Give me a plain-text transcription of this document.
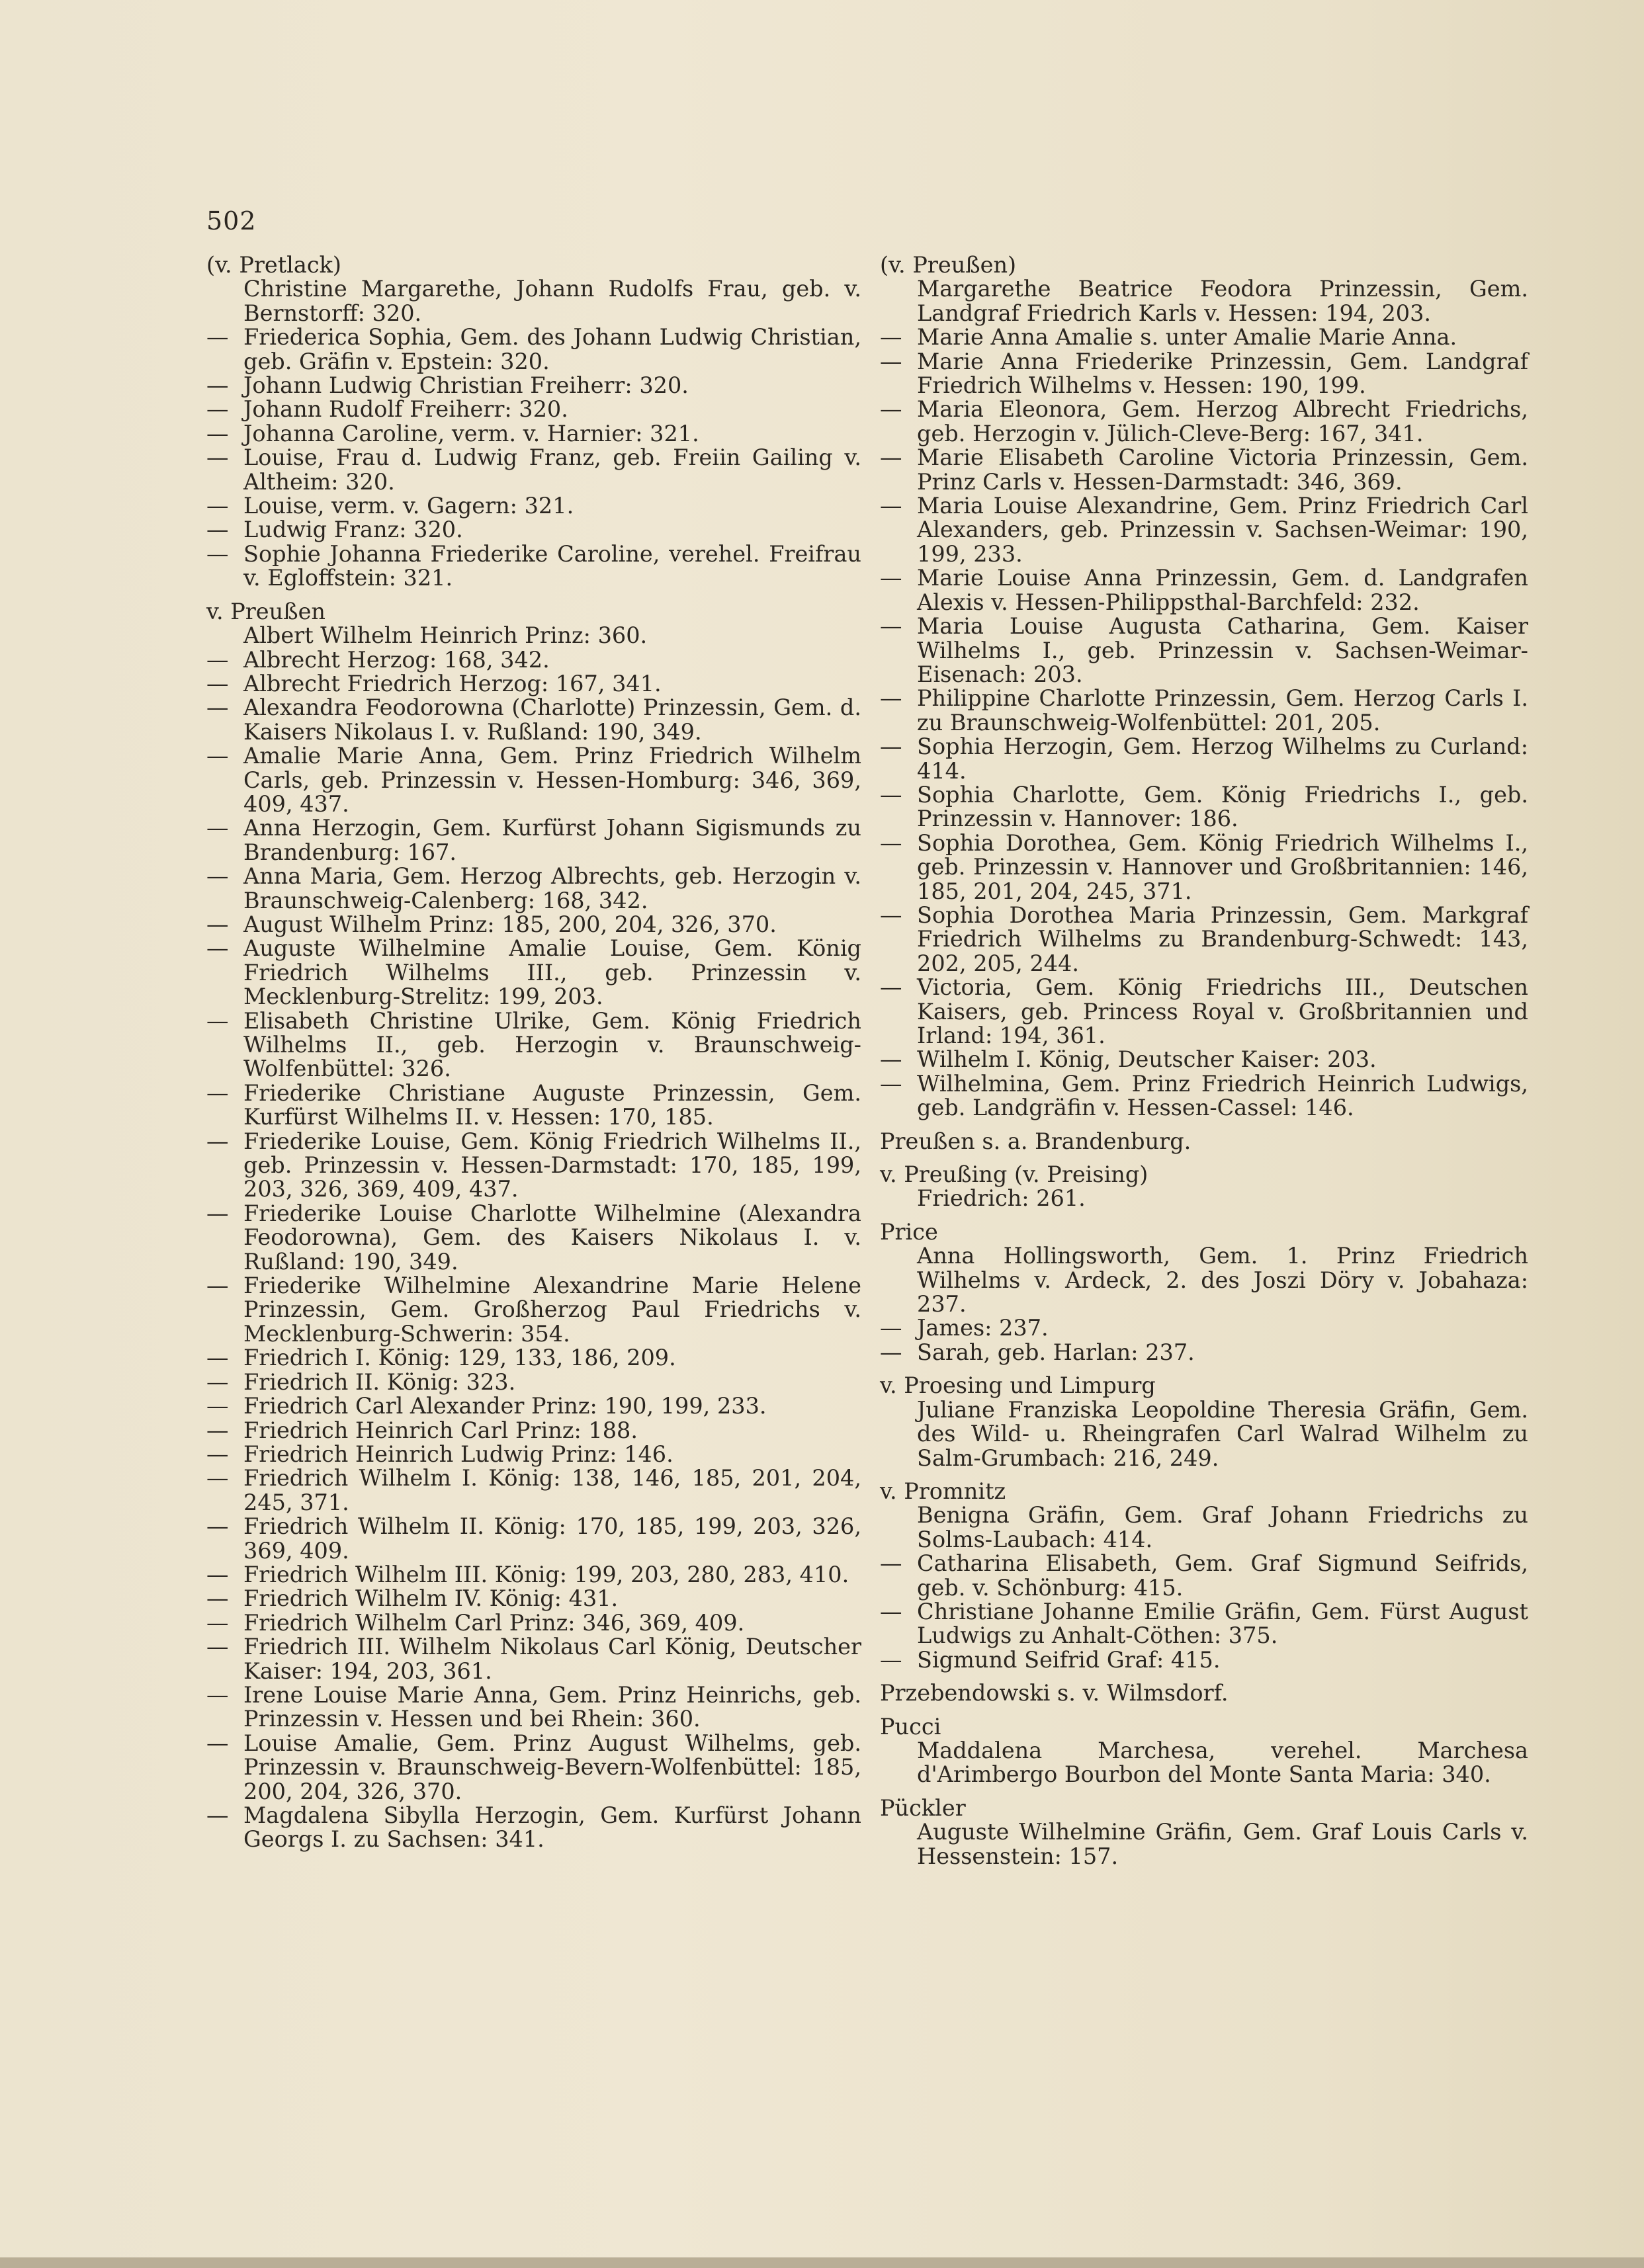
502
(v. Pretlack)
Christine Margarethe, Johann Rudolfs Frau, geb. v. Bernstorff: 320.
— Friederica Sophia, Gem. des Johann Ludwig Christian, geb. Gräfin v. Epstein: 320.
— Johann Ludwig Christian Freiherr: 320.
— Johann Rudolf Freiherr: 320.
— Johanna Caroline, verm. v. Harnier: 321.
— Louise, Frau d. Ludwig Franz, geb. Freiin Gailing v. Altheim: 320.
— Louise, verm. v. Gagern: 321.
— Ludwig Franz: 320.
— Sophie Johanna Friederike Caroline, verehel. Freifrau v. Egloffstein: 321.
v. Preußen
Albert Wilhelm Heinrich Prinz: 360.
— Albrecht Herzog: 168, 342.
— Albrecht Friedrich Herzog: 167, 341.
— Alexandra Feodorowna (Charlotte) Prinzessin, Gem. d. Kaisers Nikolaus I. v. Rußland: 190, 349.
— Amalie Marie Anna, Gem. Prinz Friedrich Wilhelm Carls, geb. Prinzessin v. Hessen-Homburg: 346, 369, 409, 437.
— Anna Herzogin, Gem. Kurfürst Johann Sigismunds zu Brandenburg: 167.
— Anna Maria, Gem. Herzog Albrechts, geb. Herzogin v. Braunschweig-Calenberg: 168, 342.
— August Wilhelm Prinz: 185, 200, 204, 326, 370.
— Auguste Wilhelmine Amalie Louise, Gem. König Friedrich Wilhelms III., geb. Prinzessin v. Mecklenburg-Strelitz: 199, 203.
— Elisabeth Christine Ulrike, Gem. König Friedrich Wilhelms II., geb. Herzogin v. Braunschweig-Wolfenbüttel: 326.
— Friederike Christiane Auguste Prinzessin, Gem. Kurfürst Wilhelms II. v. Hessen: 170, 185.
— Friederike Louise, Gem. König Friedrich Wilhelms II., geb. Prinzessin v. Hessen-Darmstadt: 170, 185, 199, 203, 326, 369, 409, 437.
— Friederike Louise Charlotte Wilhelmine (Alexandra Feodorowna), Gem. des Kaisers Nikolaus I. v. Rußland: 190, 349.
— Friederike Wilhelmine Alexandrine Marie Helene Prinzessin, Gem. Großherzog Paul Friedrichs v. Mecklenburg-Schwerin: 354.
— Friedrich I. König: 129, 133, 186, 209.
— Friedrich II. König: 323.
— Friedrich Carl Alexander Prinz: 190, 199, 233.
— Friedrich Heinrich Carl Prinz: 188.
— Friedrich Heinrich Ludwig Prinz: 146.
— Friedrich Wilhelm I. König: 138, 146, 185, 201, 204, 245, 371.
— Friedrich Wilhelm II. König: 170, 185, 199, 203, 326, 369, 409.
— Friedrich Wilhelm III. König: 199, 203, 280, 283, 410.
— Friedrich Wilhelm IV. König: 431.
— Friedrich Wilhelm Carl Prinz: 346, 369, 409.
— Friedrich III. Wilhelm Nikolaus Carl König, Deutscher Kaiser: 194, 203, 361.
— Irene Louise Marie Anna, Gem. Prinz Heinrichs, geb. Prinzessin v. Hessen und bei Rhein: 360.
— Louise Amalie, Gem. Prinz August Wilhelms, geb. Prinzessin v. Braunschweig-Bevern-Wolfenbüttel: 185, 200, 204, 326, 370.
— Magdalena Sibylla Herzogin, Gem. Kurfürst Johann Georgs I. zu Sachsen: 341.
(v. Preußen)
Margarethe Beatrice Feodora Prinzessin, Gem. Landgraf Friedrich Karls v. Hessen: 194, 203.
— Marie Anna Amalie s. unter Amalie Marie Anna.
— Marie Anna Friederike Prinzessin, Gem. Landgraf Friedrich Wilhelms v. Hessen: 190, 199.
— Maria Eleonora, Gem. Herzog Albrecht Friedrichs, geb. Herzogin v. Jülich-Cleve-Berg: 167, 341.
— Marie Elisabeth Caroline Victoria Prinzessin, Gem. Prinz Carls v. Hessen-Darmstadt: 346, 369.
— Maria Louise Alexandrine, Gem. Prinz Friedrich Carl Alexanders, geb. Prinzessin v. Sachsen-Weimar: 190, 199, 233.
— Marie Louise Anna Prinzessin, Gem. d. Landgrafen Alexis v. Hessen-Philippsthal-Barchfeld: 232.
— Maria Louise Augusta Catharina, Gem. Kaiser Wilhelms I., geb. Prinzessin v. Sachsen-Weimar-Eisenach: 203.
— Philippine Charlotte Prinzessin, Gem. Herzog Carls I. zu Braunschweig-Wolfenbüttel: 201, 205.
— Sophia Herzogin, Gem. Herzog Wilhelms zu Curland: 414.
— Sophia Charlotte, Gem. König Friedrichs I., geb. Prinzessin v. Hannover: 186.
— Sophia Dorothea, Gem. König Friedrich Wilhelms I., geb. Prinzessin v. Hannover und Großbritannien: 146, 185, 201, 204, 245, 371.
— Sophia Dorothea Maria Prinzessin, Gem. Markgraf Friedrich Wilhelms zu Brandenburg-Schwedt: 143, 202, 205, 244.
— Victoria, Gem. König Friedrichs III., Deutschen Kaisers, geb. Princess Royal v. Großbritannien und Irland: 194, 361.
— Wilhelm I. König, Deutscher Kaiser: 203.
— Wilhelmina, Gem. Prinz Friedrich Heinrich Ludwigs, geb. Landgräfin v. Hessen-Cassel: 146.
Preußen s. a. Brandenburg.
v. Preußing (v. Preising)
Friedrich: 261.
Price
Anna Hollingsworth, Gem. 1. Prinz Friedrich Wilhelms v. Ardeck, 2. des Joszi Döry v. Jobahaza: 237.
— James: 237.
— Sarah, geb. Harlan: 237.
v. Proesing und Limpurg
Juliane Franziska Leopoldine Theresia Gräfin, Gem. des Wild- u. Rheingrafen Carl Walrad Wilhelm zu Salm-Grumbach: 216, 249.
v. Promnitz
Benigna Gräfin, Gem. Graf Johann Friedrichs zu Solms-Laubach: 414.
— Catharina Elisabeth, Gem. Graf Sigmund Seifrids, geb. v. Schönburg: 415.
— Christiane Johanne Emilie Gräfin, Gem. Fürst August Ludwigs zu Anhalt-Cöthen: 375.
— Sigmund Seifrid Graf: 415.
Przebendowski s. v. Wilmsdorf.
Pucci
Maddalena Marchesa, verehel. Marchesa d'Arimbergo Bourbon del Monte Santa Maria: 340.
Pückler
Auguste Wilhelmine Gräfin, Gem. Graf Louis Carls v. Hessenstein: 157.
